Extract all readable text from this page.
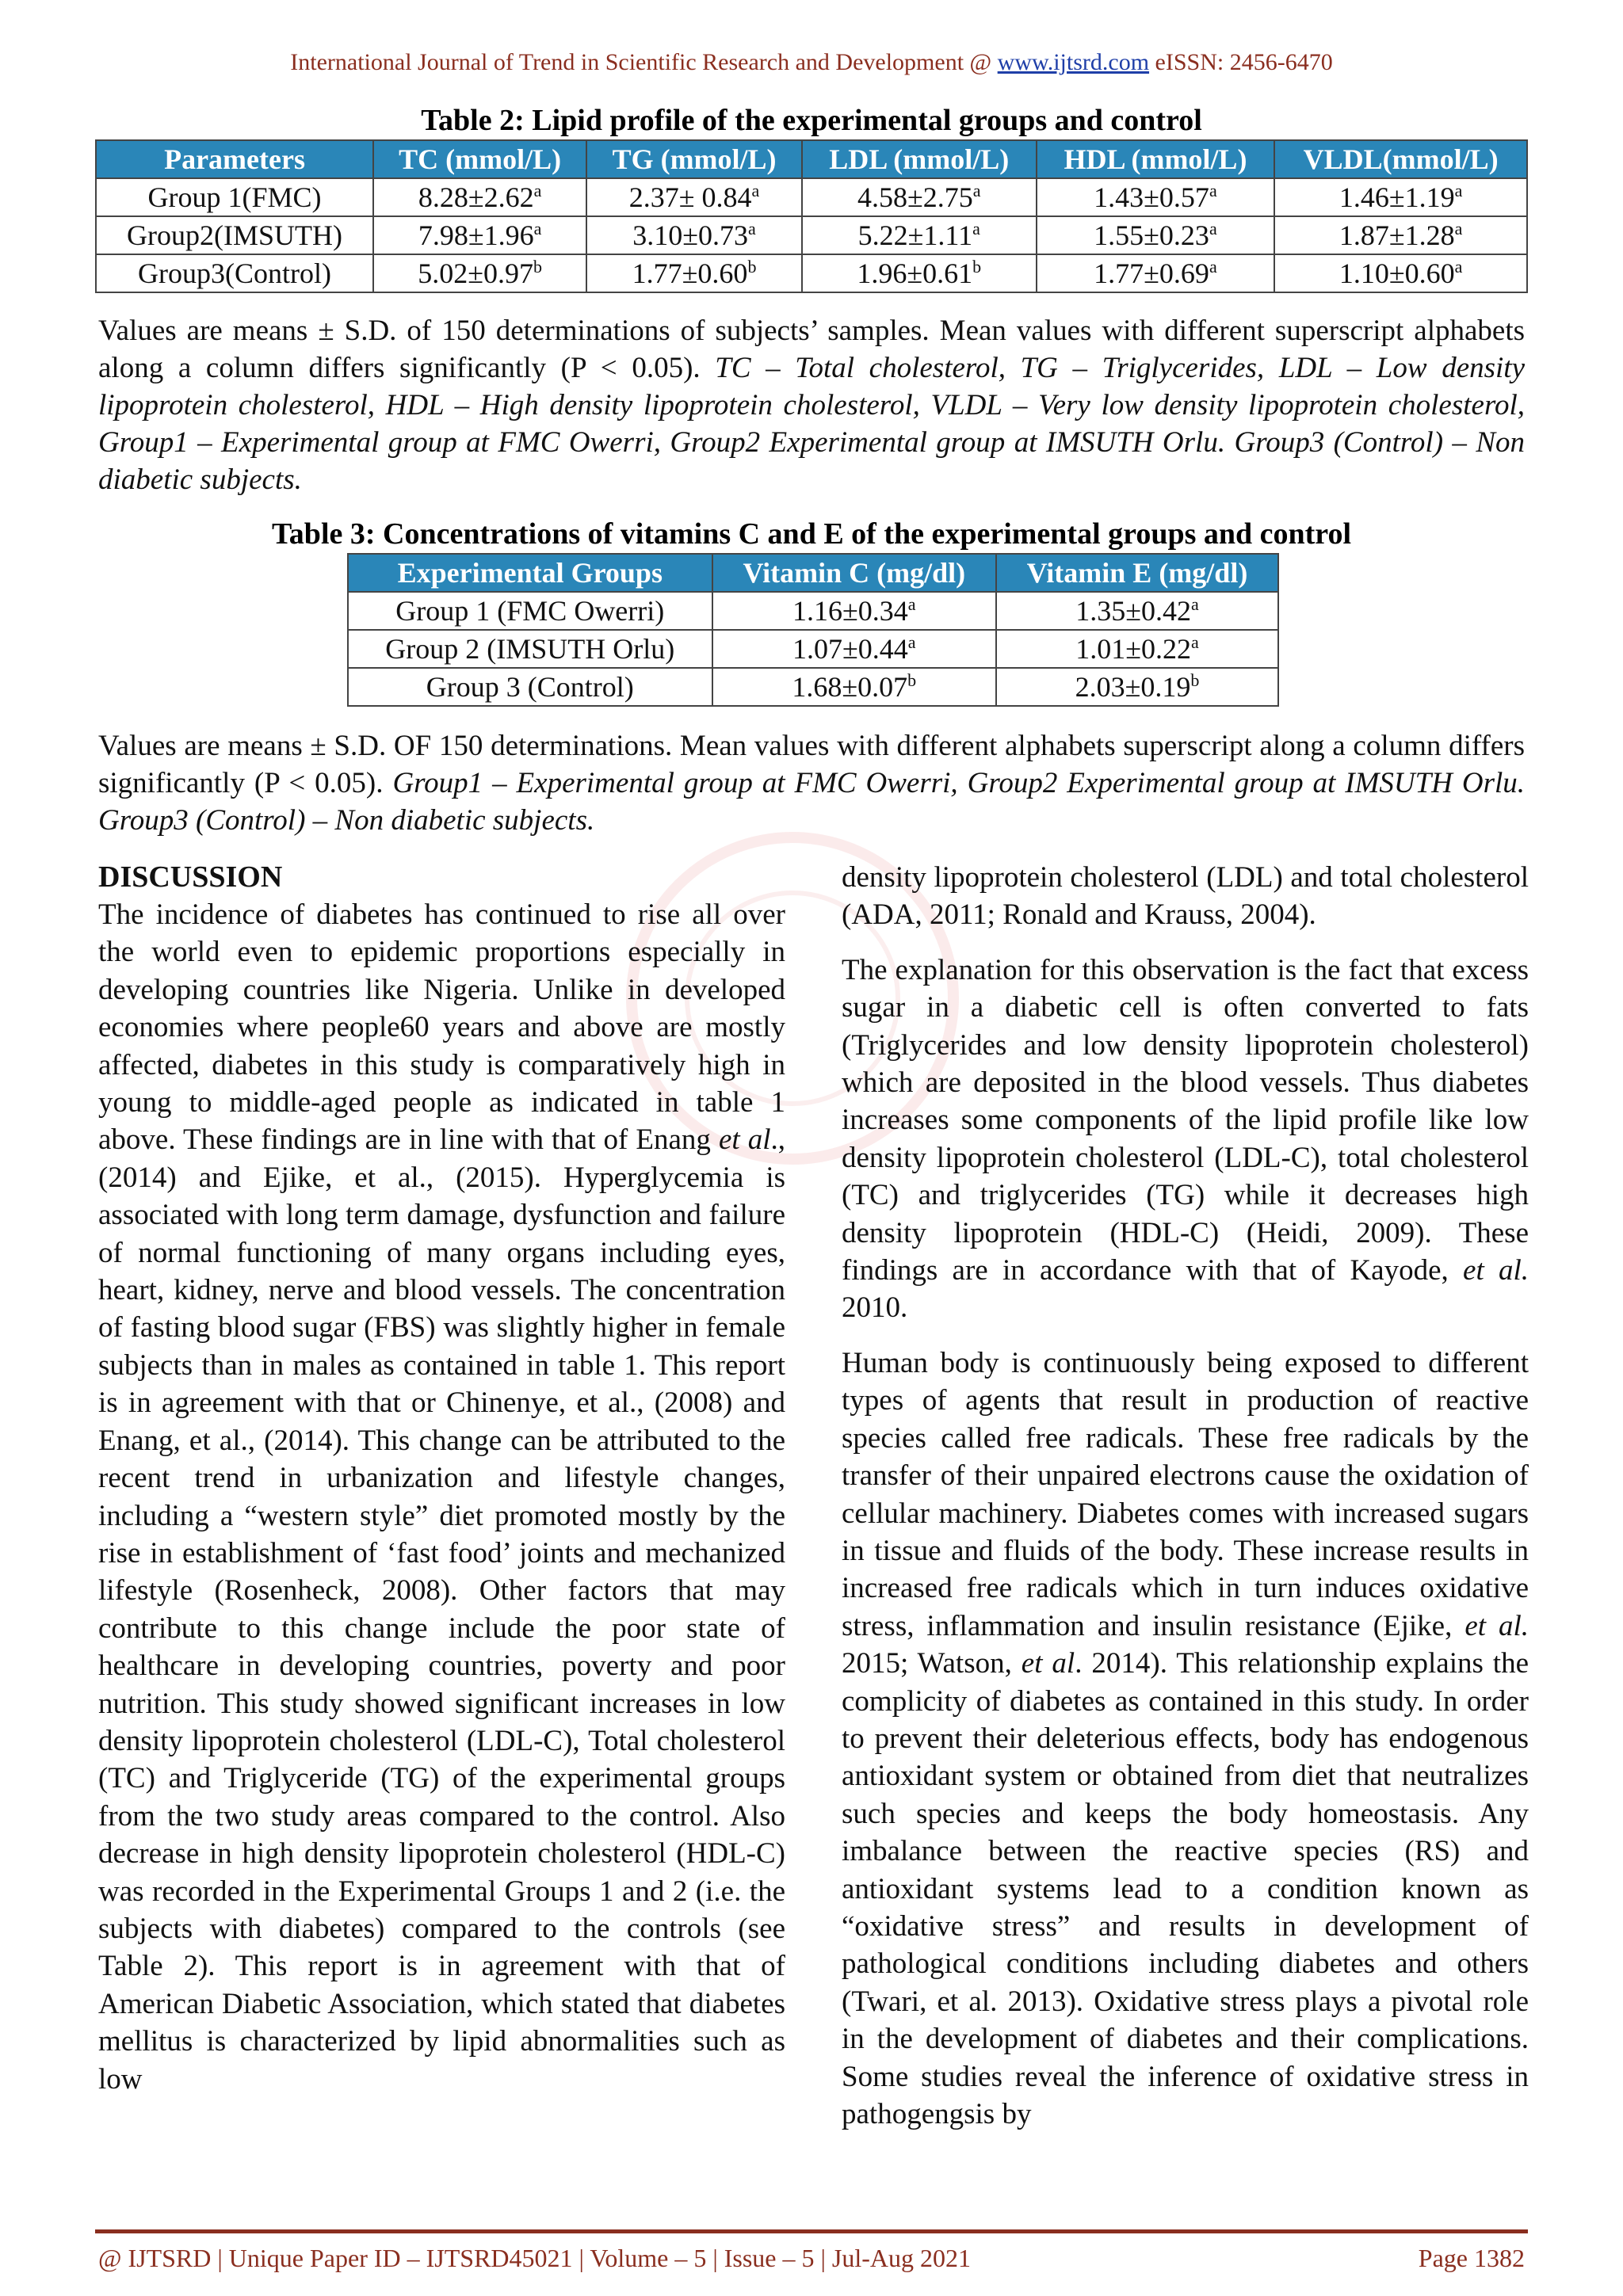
International Journal of Trend in Scientific Research and Development @ www.ijtsrd.com eISSN: 2456-6470
Table 2: Lipid profile of the experimental groups and control
Parameters	TC (mmol/L)	TG (mmol/L)	LDL (mmol/L)	HDL (mmol/L)	VLDL(mmol/L)
Group 1(FMC)	8.28±2.62$^a$	2.37± 0.84$^a$	4.58±2.75$^a$	1.43±0.57$^a$	1.46±1.19$^a$
Group2(IMSUTH)	7.98±1.96$^a$	3.10±0.73$^a$	5.22±1.11$^a$	1.55±0.23$^a$	1.87±1.28$^a$
Group3(Control)	5.02±0.97$^b$	1.77±0.60$^b$	1.96±0.61$^b$	1.77±0.69$^a$	1.10±0.60$^a$
Values are means ± S.D. of 150 determinations of subjects’ samples. Mean values with different superscript alphabets along a column differs significantly (P < 0.05). TC – Total cholesterol, TG – Triglycerides, LDL – Low density lipoprotein cholesterol, HDL – High density lipoprotein cholesterol, VLDL – Very low density lipoprotein cholesterol, Group1 – Experimental group at FMC Owerri, Group2 Experimental group at IMSUTH Orlu. Group3 (Control) – Non diabetic subjects.
Table 3: Concentrations of vitamins C and E of the experimental groups and control
Experimental Groups	Vitamin C (mg/dl)	Vitamin E (mg/dl)
Group 1 (FMC Owerri)	1.16±0.34$^a$	1.35±0.42$^a$
Group 2 (IMSUTH Orlu)	1.07±0.44$^a$	1.01±0.22$^a$
Group 3 (Control)	1.68±0.07$^b$	2.03±0.19$^b$
Values are means ± S.D. OF 150 determinations. Mean values with different alphabets superscript along a column differs significantly (P < 0.05). Group1 – Experimental group at FMC Owerri, Group2 Experimental group at IMSUTH Orlu. Group3 (Control) – Non diabetic subjects.
DISCUSSION

The incidence of diabetes has continued to rise all over the world even to epidemic proportions especially in developing countries like Nigeria. Unlike in developed economies where people60 years and above are mostly affected, diabetes in this study is comparatively high in young to middle-aged people as indicated in table 1 above. These findings are in line with that of Enang et al., (2014) and Ejike, et al., (2015). Hyperglycemia is associated with long term damage, dysfunction and failure of normal functioning of many organs including eyes, heart, kidney, nerve and blood vessels. The concentration of fasting blood sugar (FBS) was slightly higher in female subjects than in males as contained in table 1. This report is in agreement with that or Chinenye, et al., (2008) and Enang, et al., (2014). This change can be attributed to the recent trend in urbanization and lifestyle changes, including a “western style” diet promoted mostly by the rise in establishment of ‘fast food’ joints and mechanized lifestyle (Rosenheck, 2008). Other factors that may contribute to this change include the poor state of healthcare in developing countries, poverty and poor nutrition. This study showed significant increases in low density lipoprotein cholesterol (LDL-C), Total cholesterol (TC) and Triglyceride (TG) of the experimental groups from the two study areas compared to the control. Also decrease in high density lipoprotein cholesterol (HDL-C) was recorded in the Experimental Groups 1 and 2 (i.e. the subjects with diabetes) compared to the controls (see Table 2). This report is in agreement with that of American Diabetic Association, which stated that diabetes mellitus is characterized by lipid abnormalities such as low

density lipoprotein cholesterol (LDL) and total cholesterol (ADA, 2011; Ronald and Krauss, 2004).

The explanation for this observation is the fact that excess sugar in a diabetic cell is often converted to fats (Triglycerides and low density lipoprotein cholesterol) which are deposited in the blood vessels. Thus diabetes increases some components of the lipid profile like low density lipoprotein cholesterol (LDL-C), total cholesterol (TC) and triglycerides (TG) while it decreases high density lipoprotein (HDL-C) (Heidi, 2009). These findings are in accordance with that of Kayode, et al. 2010.

Human body is continuously being exposed to different types of agents that result in production of reactive species called free radicals. These free radicals by the transfer of their unpaired electrons cause the oxidation of cellular machinery. Diabetes comes with increased sugars in tissue and fluids of the body. These increase results in increased free radicals which in turn induces oxidative stress, inflammation and insulin resistance (Ejike, et al. 2015; Watson, et al. 2014). This relationship explains the complicity of diabetes as contained in this study. In order to prevent their deleterious effects, body has endogenous antioxidant system or obtained from diet that neutralizes such species and keeps the body homeostasis. Any imbalance between the reactive species (RS) and antioxidant systems lead to a condition known as “oxidative stress” and results in development of pathological conditions including diabetes and others (Twari, et al. 2013). Oxidative stress plays a pivotal role in the development of diabetes and their complications. Some studies reveal the inference of oxidative stress in pathogengsis by

@ IJTSRD | Unique Paper ID – IJTSRD45021 | Volume – 5 | Issue – 5 | Jul-Aug 2021	Page 1382
